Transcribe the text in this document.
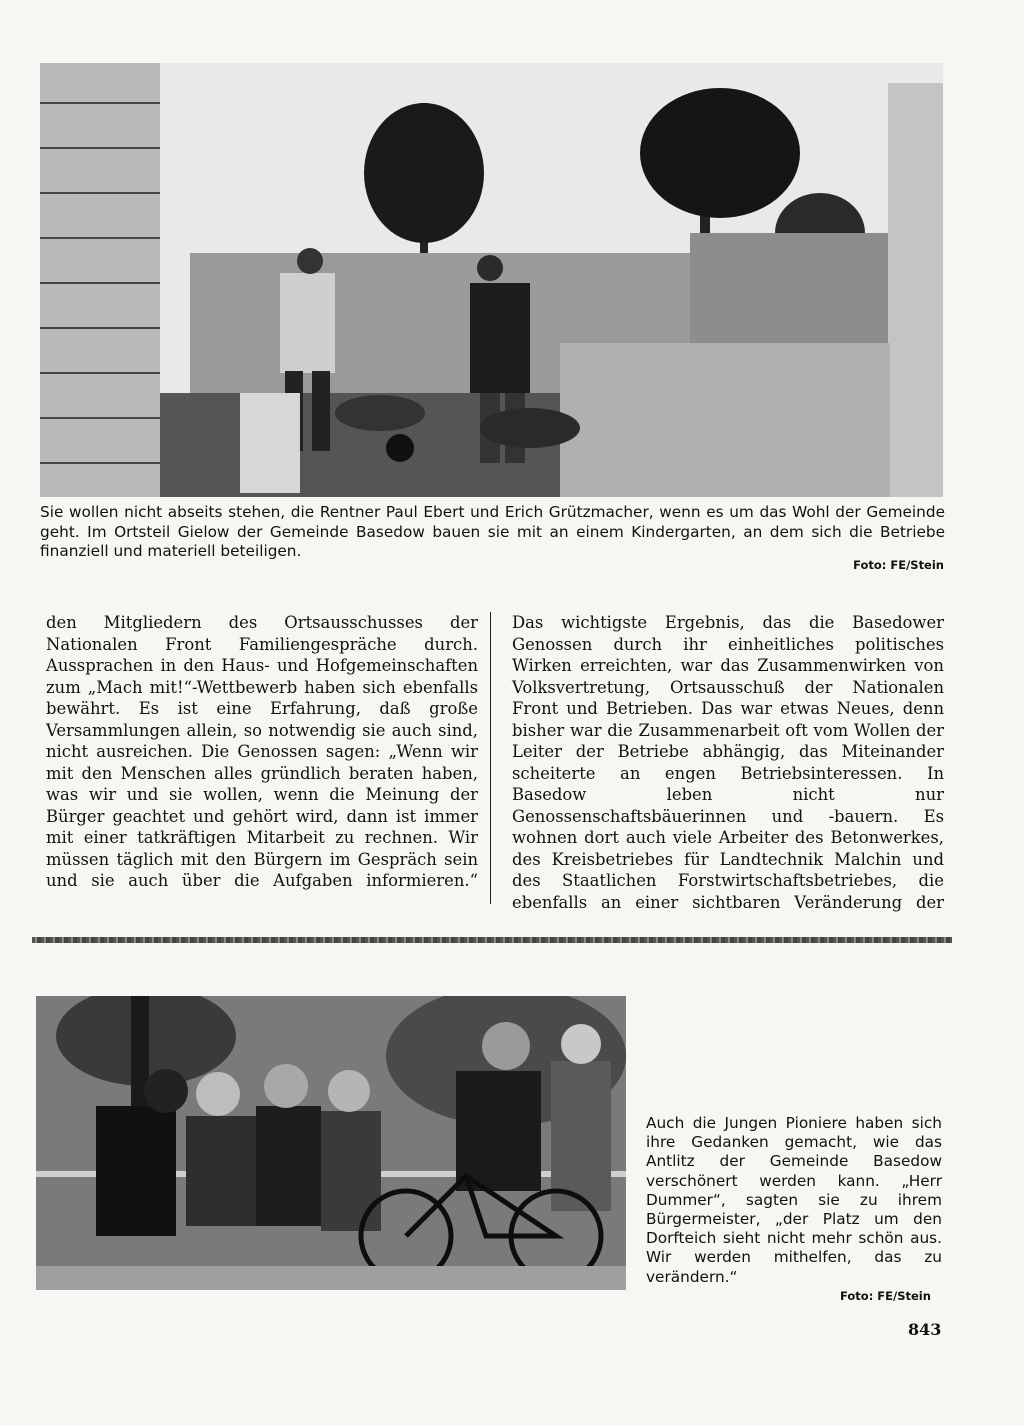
Sie wollen nicht abseits stehen, die Rentner Paul Ebert und Erich Grützmacher, wenn es um das Wohl der Gemeinde geht. Im Ortsteil Gielow der Gemeinde Basedow bauen sie mit an einem Kindergarten, an dem sich die Betriebe finanziell und materiell beteiligen.
Foto: FE/Stein
den Mitgliedern des Ortsausschusses der Nationalen Front Familiengespräche durch. Aussprachen in den Haus- und Hofgemeinschaften zum „Mach mit!“-Wettbewerb haben sich ebenfalls bewährt. Es ist eine Erfahrung, daß große Versammlungen allein, so notwendig sie auch sind, nicht ausreichen. Die Genossen sagen: „Wenn wir mit den Menschen alles gründlich beraten haben, was wir und sie wollen, wenn die Meinung der Bürger geachtet und gehört wird, dann ist immer mit einer tatkräftigen Mitarbeit zu rechnen. Wir müssen täglich mit den Bürgern im Gespräch sein und sie auch über die Aufgaben informieren.“
Das wichtigste Ergebnis, das die Basedower Genossen durch ihr einheitliches politisches Wirken erreichten, war das Zusammenwirken von Volksvertretung, Ortsausschuß der Nationalen Front und Betrieben. Das war etwas Neues, denn bisher war die Zusammenarbeit oft vom Wollen der Leiter der Betriebe abhängig, das Miteinander scheiterte an engen Betriebsinteressen. In Basedow leben nicht nur Genossenschaftsbäuerinnen und -bauern. Es wohnen dort auch viele Arbeiter des Betonwerkes, des Kreisbetriebes für Landtechnik Malchin und des Staatlichen Forstwirtschaftsbetriebes, die ebenfalls an einer sichtbaren Veränderung der
Auch die Jungen Pioniere haben sich ihre Gedanken gemacht, wie das Antlitz der Gemeinde Basedow verschönert werden kann. „Herr Dummer“, sagten sie zu ihrem Bürgermeister, „der Platz um den Dorfteich sieht nicht mehr schön aus. Wir werden mithelfen, das zu verändern.“
Foto: FE/Stein
843
